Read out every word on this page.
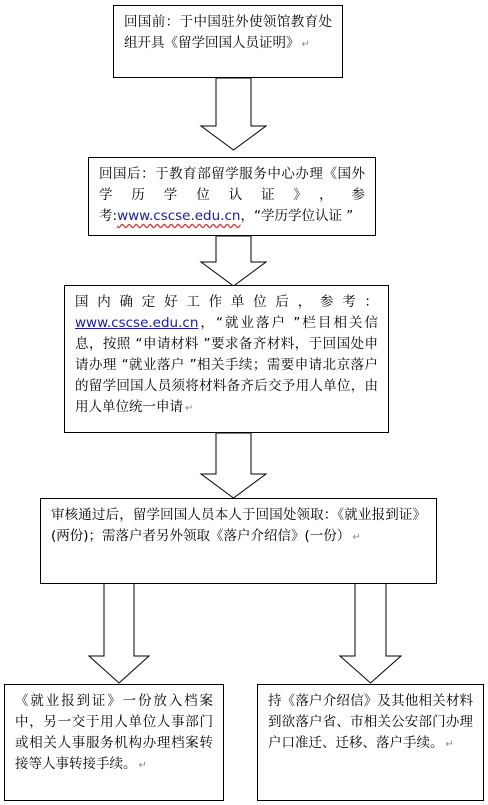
回国前：于中国驻外使领馆教育处组开具《留学回国人员证明》 ↵
回国后：于教育部留学服务中心办理《国外学历学位认证》，参考:www.cscse.edu.cn，“学历学位认证 ”
国内确定好工作单位后，参考：www.cscse.edu.cn，“就业落户 ”栏目相关信息，按照 “申请材料 ”要求备齐材料，于回国处申请办理 “就业落户 ”相关手续；需要申请北京落户的留学回国人员须将材料备齐后交予用人单位，由用人单位统一申请 ↵
审核通过后，留学回国人员本人于回国处领取：《就业报到证》(两份)；需落户者另外领取《落户介绍信》(一份） ↵
《就业报到证》一份放入档案中，另一交于用人单位人事部门或相关人事服务机构办理档案转接等人事转接手续。 ↵
持《落户介绍信》及其他相关材料到欲落户省、市相关公安部门办理户口准迁、迁移、落户手续。 ↵
